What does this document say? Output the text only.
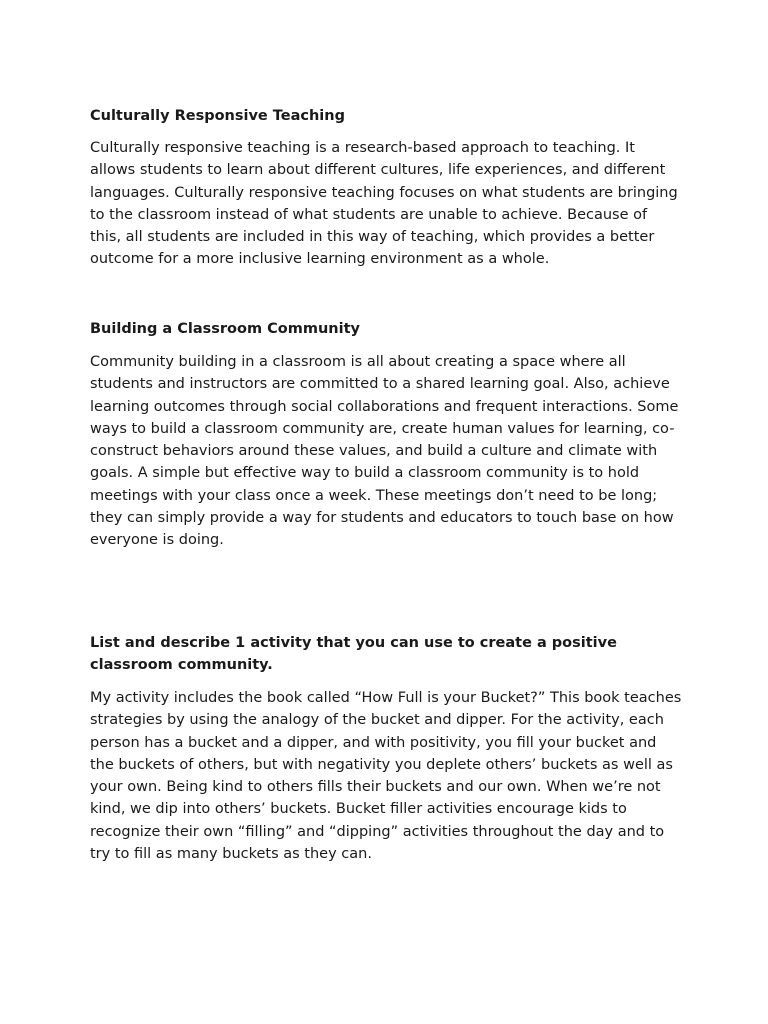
Culturally Responsive Teaching

Culturally responsive teaching is a research-based approach to teaching. It allows students to learn about different cultures, life experiences, and different languages. Culturally responsive teaching focuses on what students are bringing to the classroom instead of what students are unable to achieve. Because of this, all students are included in this way of teaching, which provides a better outcome for a more inclusive learning environment as a whole.

Building a Classroom Community

Community building in a classroom is all about creating a space where all students and instructors are committed to a shared learning goal. Also, achieve learning outcomes through social collaborations and frequent interactions. Some ways to build a classroom community are, create human values for learning, co-construct behaviors around these values, and build a culture and climate with goals. A simple but effective way to build a classroom community is to hold meetings with your class once a week. These meetings don’t need to be long; they can simply provide a way for students and educators to touch base on how everyone is doing.

List and describe 1 activity that you can use to create a positive classroom community.

My activity includes the book called “How Full is your Bucket?” This book teaches strategies by using the analogy of the bucket and dipper. For the activity, each person has a bucket and a dipper, and with positivity, you fill your bucket and the buckets of others, but with negativity you deplete others’ buckets as well as your own. Being kind to others fills their buckets and our own. When we’re not kind, we dip into others’ buckets. Bucket filler activities encourage kids to recognize their own “filling” and “dipping” activities throughout the day and to try to fill as many buckets as they can.
